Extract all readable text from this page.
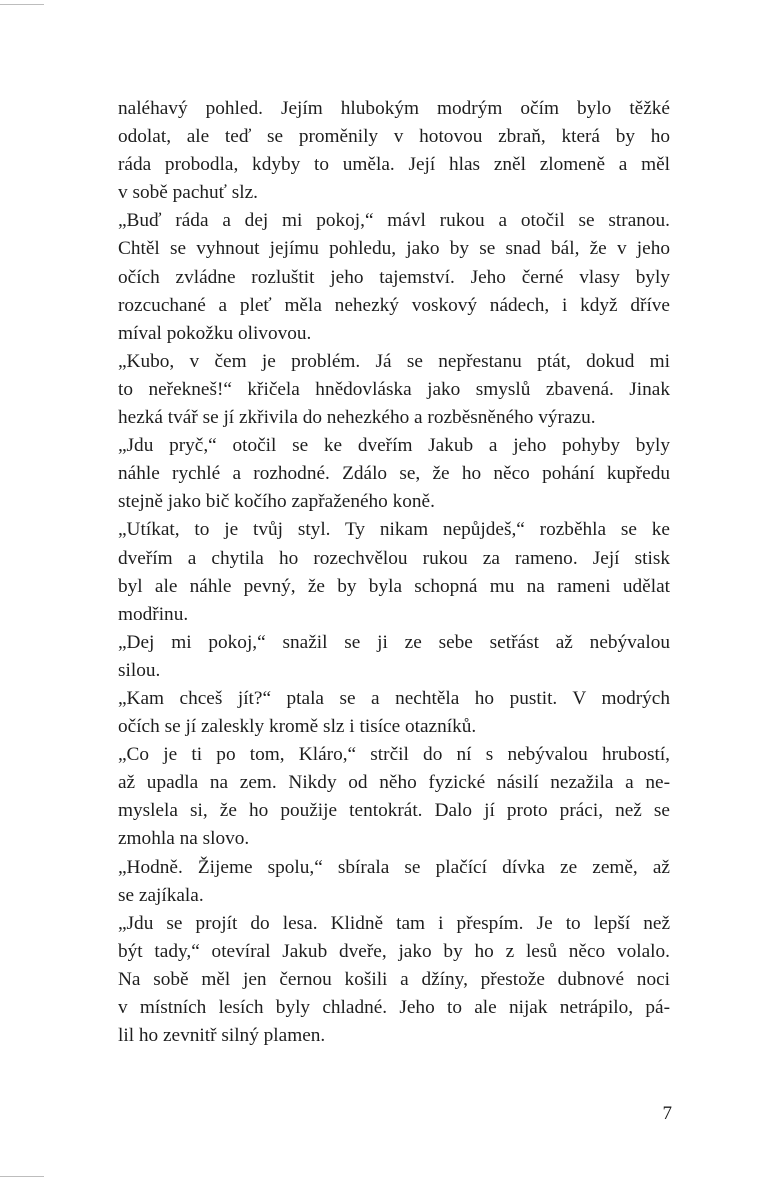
naléhavý pohled. Jejím hlubokým modrým očím bylo těžké
odolat, ale teď se proměnily v hotovou zbraň, která by ho
ráda probodla, kdyby to uměla. Její hlas zněl zlomeně a měl
v sobě pachuť slz.
„Buď ráda a dej mi pokoj,“ mávl rukou a otočil se stranou.
Chtěl se vyhnout jejímu pohledu, jako by se snad bál, že v jeho
očích zvládne rozluštit jeho tajemství. Jeho černé vlasy byly
rozcuchané a pleť měla nehezký voskový nádech, i když dříve
míval pokožku olivovou.
„Kubo, v čem je problém. Já se nepřestanu ptát, dokud mi
to neřekneš!“ křičela hnědovláska jako smyslů zbavená. Jinak
hezká tvář se jí zkřivila do nehezkého a rozběsněného výrazu.
„Jdu pryč,“ otočil se ke dveřím Jakub a jeho pohyby byly
náhle rychlé a rozhodné. Zdálo se, že ho něco pohání kupředu
stejně jako bič kočího zapřaženého koně.
„Utíkat, to je tvůj styl. Ty nikam nepůjdeš,“ rozběhla se ke
dveřím a chytila ho rozechvělou rukou za rameno. Její stisk
byl ale náhle pevný, že by byla schopná mu na rameni udělat
modřinu.
„Dej mi pokoj,“ snažil se ji ze sebe setřást až nebývalou
silou.
„Kam chceš jít?“ ptala se a nechtěla ho pustit. V modrých
očích se jí zaleskly kromě slz i tisíce otazníků.
„Co je ti po tom, Kláro,“ strčil do ní s nebývalou hrubostí,
až upadla na zem. Nikdy od něho fyzické násilí nezažila a ne-
myslela si, že ho použije tentokrát. Dalo jí proto práci, než se
zmohla na slovo.
„Hodně. Žijeme spolu,“ sbírala se plačící dívka ze země, až
se zajíkala.
„Jdu se projít do lesa. Klidně tam i přespím. Je to lepší než
být tady,“ otevíral Jakub dveře, jako by ho z lesů něco volalo.
Na sobě měl jen černou košili a džíny, přestože dubnové noci
v místních lesích byly chladné. Jeho to ale nijak netrápilo, pá-
lil ho zevnitř silný plamen.
7
